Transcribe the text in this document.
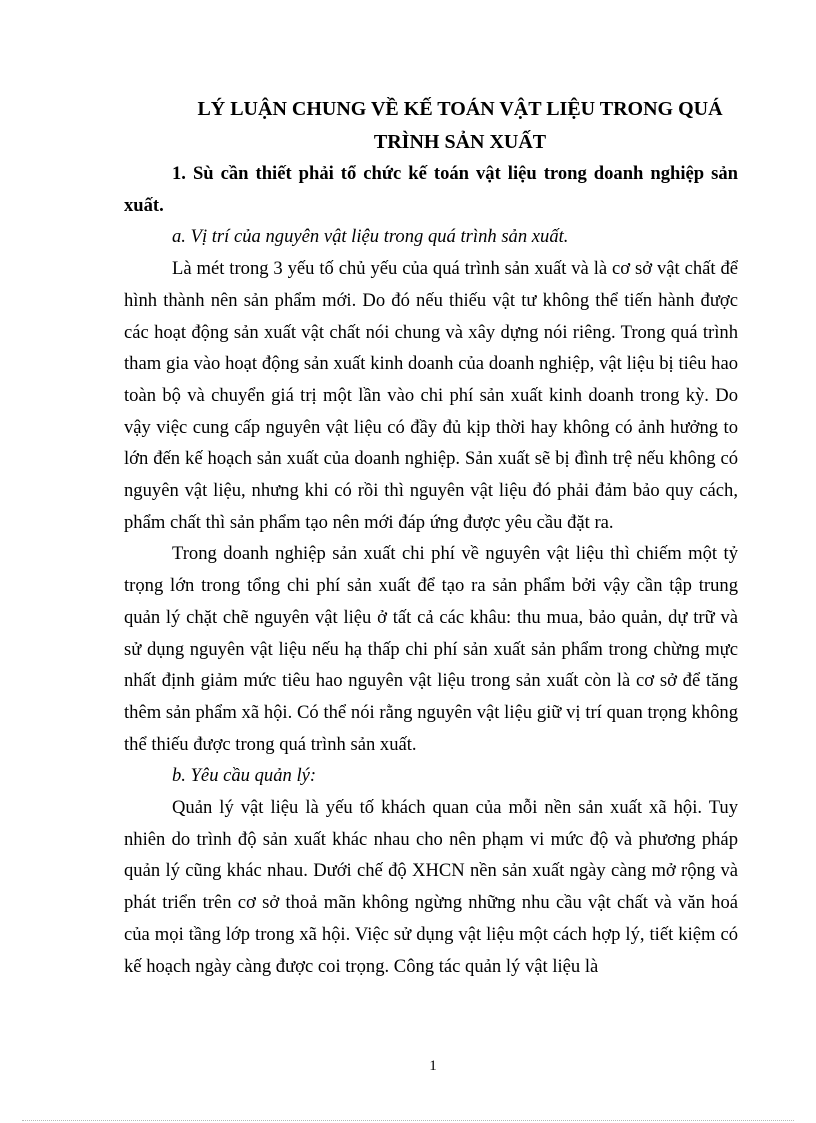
LÝ LUẬN CHUNG VỀ KẾ TOÁN VẬT LIỆU TRONG QUÁ
TRÌNH SẢN XUẤT

1. Sù cần thiết phải tổ chức kế toán vật liệu trong doanh nghiệp sản xuất.

a. Vị trí của nguyên vật liệu trong quá trình sản xuất.

Là mét trong 3 yếu tố chủ yếu của quá trình sản xuất và là cơ sở vật chất để hình thành nên sản phẩm mới. Do đó nếu thiếu vật tư không thể tiến hành được các hoạt động sản xuất vật chất nói chung và xây dựng nói riêng. Trong quá trình tham gia vào hoạt động sản xuất kinh doanh của doanh nghiệp, vật liệu bị tiêu hao toàn bộ và chuyển giá trị một lần vào chi phí sản xuất kinh doanh trong kỳ. Do vậy việc cung cấp nguyên vật liệu có đầy đủ kịp thời hay không có ảnh hưởng to lớn đến kế hoạch sản xuất của doanh nghiệp. Sản xuất sẽ bị đình trệ nếu không có nguyên vật liệu, nhưng khi có rồi thì nguyên vật liệu đó phải đảm bảo quy cách, phẩm chất thì sản phẩm tạo nên mới đáp ứng được yêu cầu đặt ra.

Trong doanh nghiệp sản xuất chi phí về nguyên vật liệu thì chiếm một tỷ trọng lớn trong tổng chi phí sản xuất để tạo ra sản phẩm bởi vậy cần tập trung quản lý chặt chẽ nguyên vật liệu ở tất cả các khâu: thu mua, bảo quản, dự trữ và sử dụng nguyên vật liệu nếu hạ thấp chi phí sản xuất sản phẩm trong chừng mực nhất định giảm mức tiêu hao nguyên vật liệu trong sản xuất còn là cơ sở để tăng thêm sản phẩm xã hội. Có thể nói rằng nguyên vật liệu giữ vị trí quan trọng không thể thiếu được trong quá trình sản xuất.

b. Yêu cầu quản lý:

Quản lý vật liệu là yếu tố khách quan của mỗi nền sản xuất xã hội. Tuy nhiên do trình độ sản xuất khác nhau cho nên phạm vi mức độ và phương pháp quản lý cũng khác nhau. Dưới chế độ XHCN nền sản xuất ngày càng mở rộng và phát triển trên cơ sở thoả mãn không ngừng những nhu cầu vật chất và văn hoá của mọi tầng lớp trong xã hội. Việc sử dụng vật liệu một cách hợp lý, tiết kiệm có kế hoạch ngày càng được coi trọng. Công tác quản lý vật liệu là

1
